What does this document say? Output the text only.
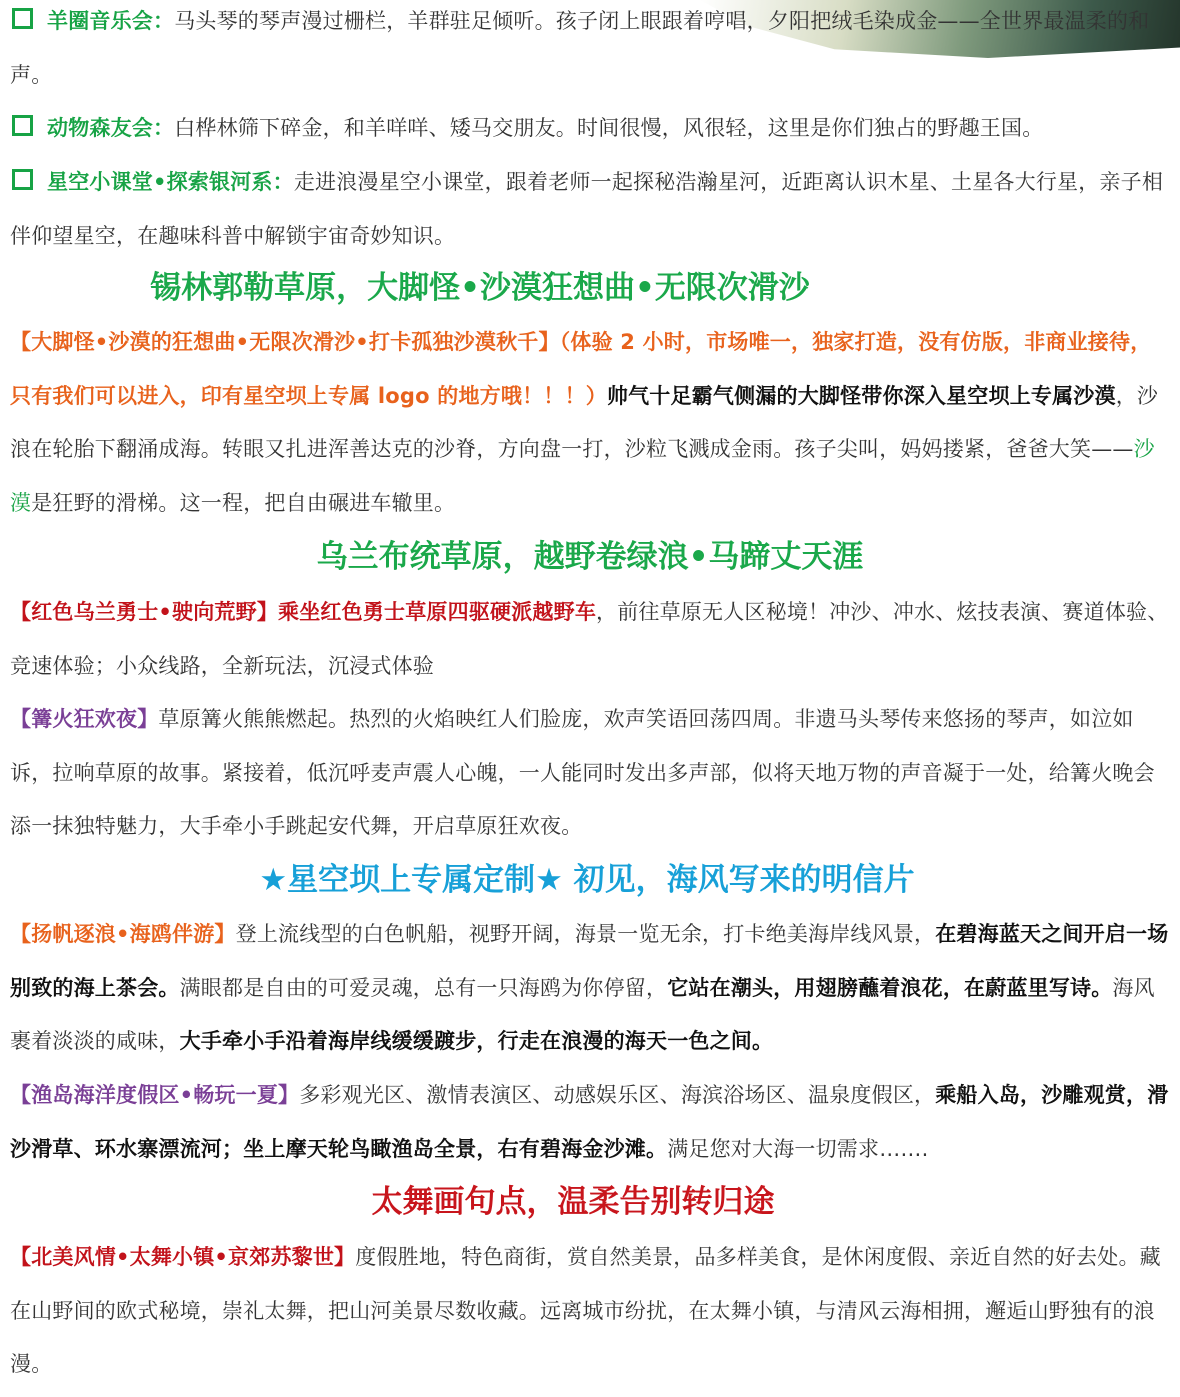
羊圈音乐会：马头琴的琴声漫过栅栏，羊群驻足倾听。孩子闭上眼跟着哼唱，夕阳把绒毛染成金——全世界最温柔的和声。
动物森友会：白桦林筛下碎金，和羊咩咩、矮马交朋友。时间很慢，风很轻，这里是你们独占的野趣王国。
星空小课堂•探索银河系：走进浪漫星空小课堂，跟着老师一起探秘浩瀚星河，近距离认识木星、土星各大行星，亲子相伴仰望星空，在趣味科普中解锁宇宙奇妙知识。
锡林郭勒草原，大脚怪•沙漠狂想曲•无限次滑沙
【大脚怪•沙漠的狂想曲•无限次滑沙•打卡孤独沙漠秋千】（体验 2 小时，市场唯一，独家打造，没有仿版，非商业接待，只有我们可以进入，印有星空坝上专属 logo 的地方哦！！！）帅气十足霸气侧漏的大脚怪带你深入星空坝上专属沙漠，沙浪在轮胎下翻涌成海。转眼又扎进浑善达克的沙脊，方向盘一打，沙粒飞溅成金雨。孩子尖叫，妈妈搂紧，爸爸大笑——沙漠是狂野的滑梯。这一程，把自由碾进车辙里。
乌兰布统草原，越野卷绿浪•马蹄丈天涯
【红色乌兰勇士•驶向荒野】乘坐红色勇士草原四驱硬派越野车，前往草原无人区秘境！冲沙、冲水、炫技表演、赛道体验、竞速体验；小众线路，全新玩法，沉浸式体验
【篝火狂欢夜】草原篝火熊熊燃起。热烈的火焰映红人们脸庞，欢声笑语回荡四周。非遗马头琴传来悠扬的琴声，如泣如诉，拉响草原的故事。紧接着，低沉呼麦声震人心魄，一人能同时发出多声部，似将天地万物的声音凝于一处，给篝火晚会添一抹独特魅力，大手牵小手跳起安代舞，开启草原狂欢夜。
★星空坝上专属定制★ 初见，海风写来的明信片
【扬帆逐浪•海鸥伴游】登上流线型的白色帆船，视野开阔，海景一览无余，打卡绝美海岸线风景，在碧海蓝天之间开启一场别致的海上茶会。满眼都是自由的可爱灵魂，总有一只海鸥为你停留，它站在潮头，用翅膀蘸着浪花，在蔚蓝里写诗。海风裹着淡淡的咸味，大手牵小手沿着海岸线缓缓踱步，行走在浪漫的海天一色之间。
【渔岛海洋度假区•畅玩一夏】多彩观光区、激情表演区、动感娱乐区、海滨浴场区、温泉度假区，乘船入岛，沙雕观赏，滑沙滑草、环水寨漂流河；坐上摩天轮鸟瞰渔岛全景，右有碧海金沙滩。满足您对大海一切需求…….
太舞画句点，温柔告别转归途
【北美风情•太舞小镇•京郊苏黎世】度假胜地，特色商街，赏自然美景，品多样美食，是休闲度假、亲近自然的好去处。藏在山野间的欧式秘境，崇礼太舞，把山河美景尽数收藏。远离城市纷扰，在太舞小镇，与清风云海相拥，邂逅山野独有的浪漫。
